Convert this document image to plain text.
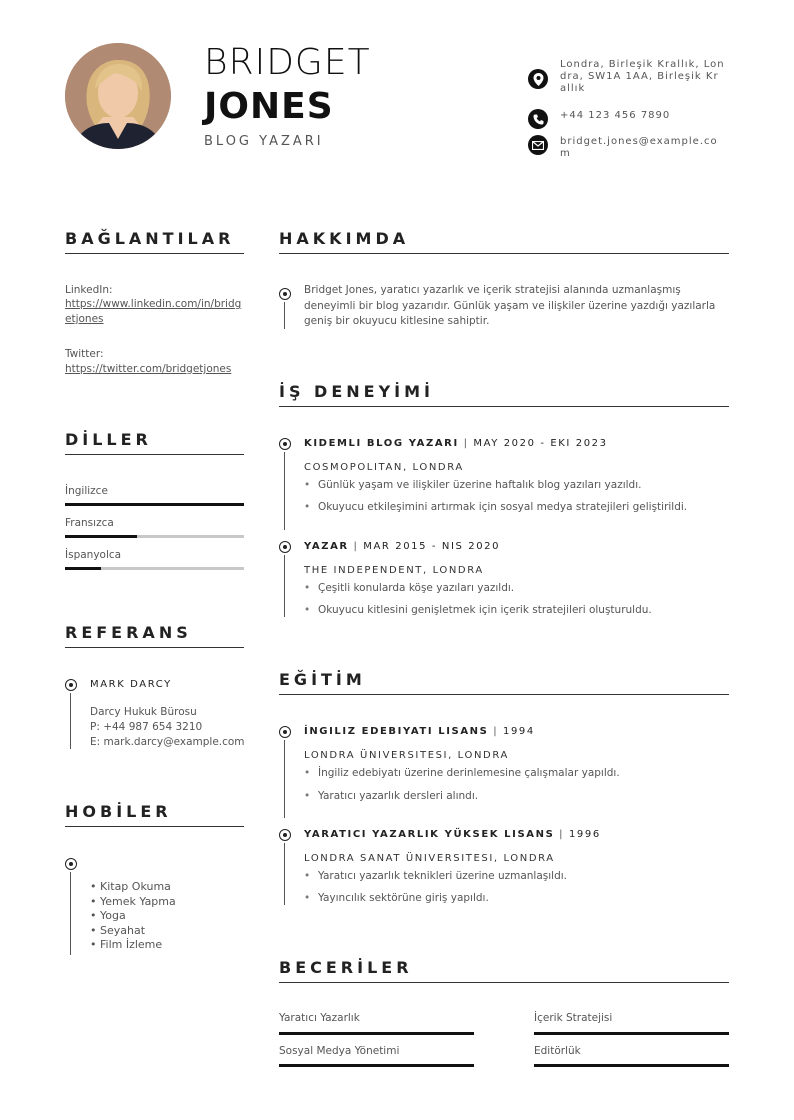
BRIDGET
JONES
BLOG YAZARI
Londra, Birleşik Krallık, Londra, SW1A 1AA, Birleşik Krallık
+44 123 456 7890
bridget.jones@example.com
BAĞLANTILAR
LinkedIn:
https://www.linkedin.com/in/bridgetjones
Twitter:
https://twitter.com/bridgetjones
DİLLER
İngilizce
Fransızca
İspanyolca
REFERANS
MARK DARCY
Darcy Hukuk Bürosu
P: +44 987 654 3210
E: mark.darcy@example.com
HOBİLER
• Kitap Okuma
• Yemek Yapma
• Yoga
• Seyahat
• Film İzleme
HAKKIMDA
Bridget Jones, yaratıcı yazarlık ve içerik stratejisi alanında uzmanlaşmış
deneyimli bir blog yazarıdır. Günlük yaşam ve ilişkiler üzerine yazdığı yazılarla
geniş bir okuyucu kitlesine sahiptir.
İŞ DENEYİMİ
KIDEMLI BLOG YAZARI | MAY 2020 - EKI 2023
COSMOPOLITAN, LONDRA
• Günlük yaşam ve ilişkiler üzerine haftalık blog yazıları yazıldı.
• Okuyucu etkileşimini artırmak için sosyal medya stratejileri geliştirildi.
YAZAR | MAR 2015 - NIS 2020
THE INDEPENDENT, LONDRA
• Çeşitli konularda köşe yazıları yazıldı.
• Okuyucu kitlesini genişletmek için içerik stratejileri oluşturuldu.
EĞİTİM
İNGILIZ EDEBIYATI LISANS | 1994
LONDRA ÜNIVERSITESI, LONDRA
• İngiliz edebiyatı üzerine derinlemesine çalışmalar yapıldı.
• Yaratıcı yazarlık dersleri alındı.
YARATICI YAZARLIK YÜKSEK LISANS | 1996
LONDRA SANAT ÜNIVERSITESI, LONDRA
• Yaratıcı yazarlık teknikleri üzerine uzmanlaşıldı.
• Yayıncılık sektörüne giriş yapıldı.
BECERİLER
Yaratıcı Yazarlık	İçerik Stratejisi
Sosyal Medya Yönetimi	Editörlük
